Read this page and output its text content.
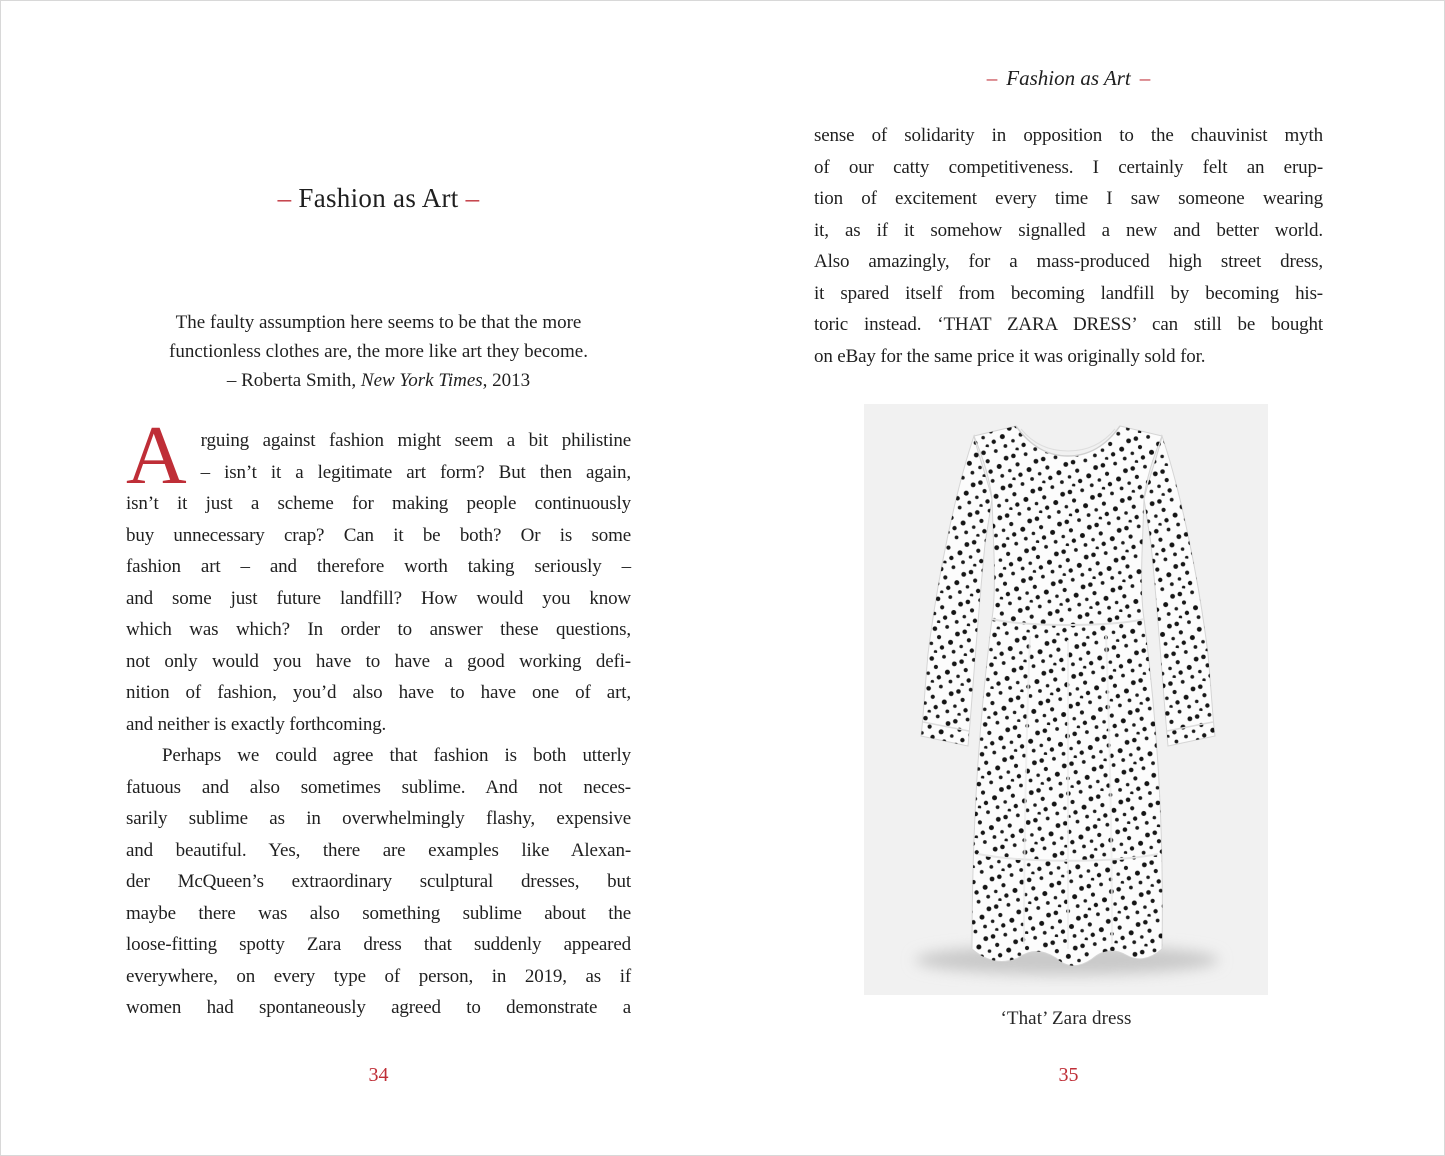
– Fashion as Art –
The faulty assumption here seems to be that the more
functionless clothes are, the more like art they become.
– Roberta Smith, New York Times, 2013
A rguing against fashion might seem a bit philistine
– isn’t it a legitimate art form? But then again,
isn’t it just a scheme for making people continuously
buy unnecessary crap? Can it be both? Or is some
fashion art – and therefore worth taking seriously –
and some just future landfill? How would you know
which was which? In order to answer these questions,
not only would you have to have a good working defi-
nition of fashion, you’d also have to have one of art,
and neither is exactly forthcoming.
Perhaps we could agree that fashion is both utterly
fatuous and also sometimes sublime. And not neces-
sarily sublime as in overwhelmingly flashy, expensive
and beautiful. Yes, there are examples like Alexan-
der McQueen’s extraordinary sculptural dresses, but
maybe there was also something sublime about the
loose-fitting spotty Zara dress that suddenly appeared
everywhere, on every type of person, in 2019, as if
women had spontaneously agreed to demonstrate a
34
– Fashion as Art –
sense of solidarity in opposition to the chauvinist myth
of our catty competitiveness. I certainly felt an erup-
tion of excitement every time I saw someone wearing
it, as if it somehow signalled a new and better world.
Also amazingly, for a mass-produced high street dress,
it spared itself from becoming landfill by becoming his-
toric instead. ‘THAT ZARA DRESS’ can still be bought
on eBay for the same price it was originally sold for.
‘That’ Zara dress
35
